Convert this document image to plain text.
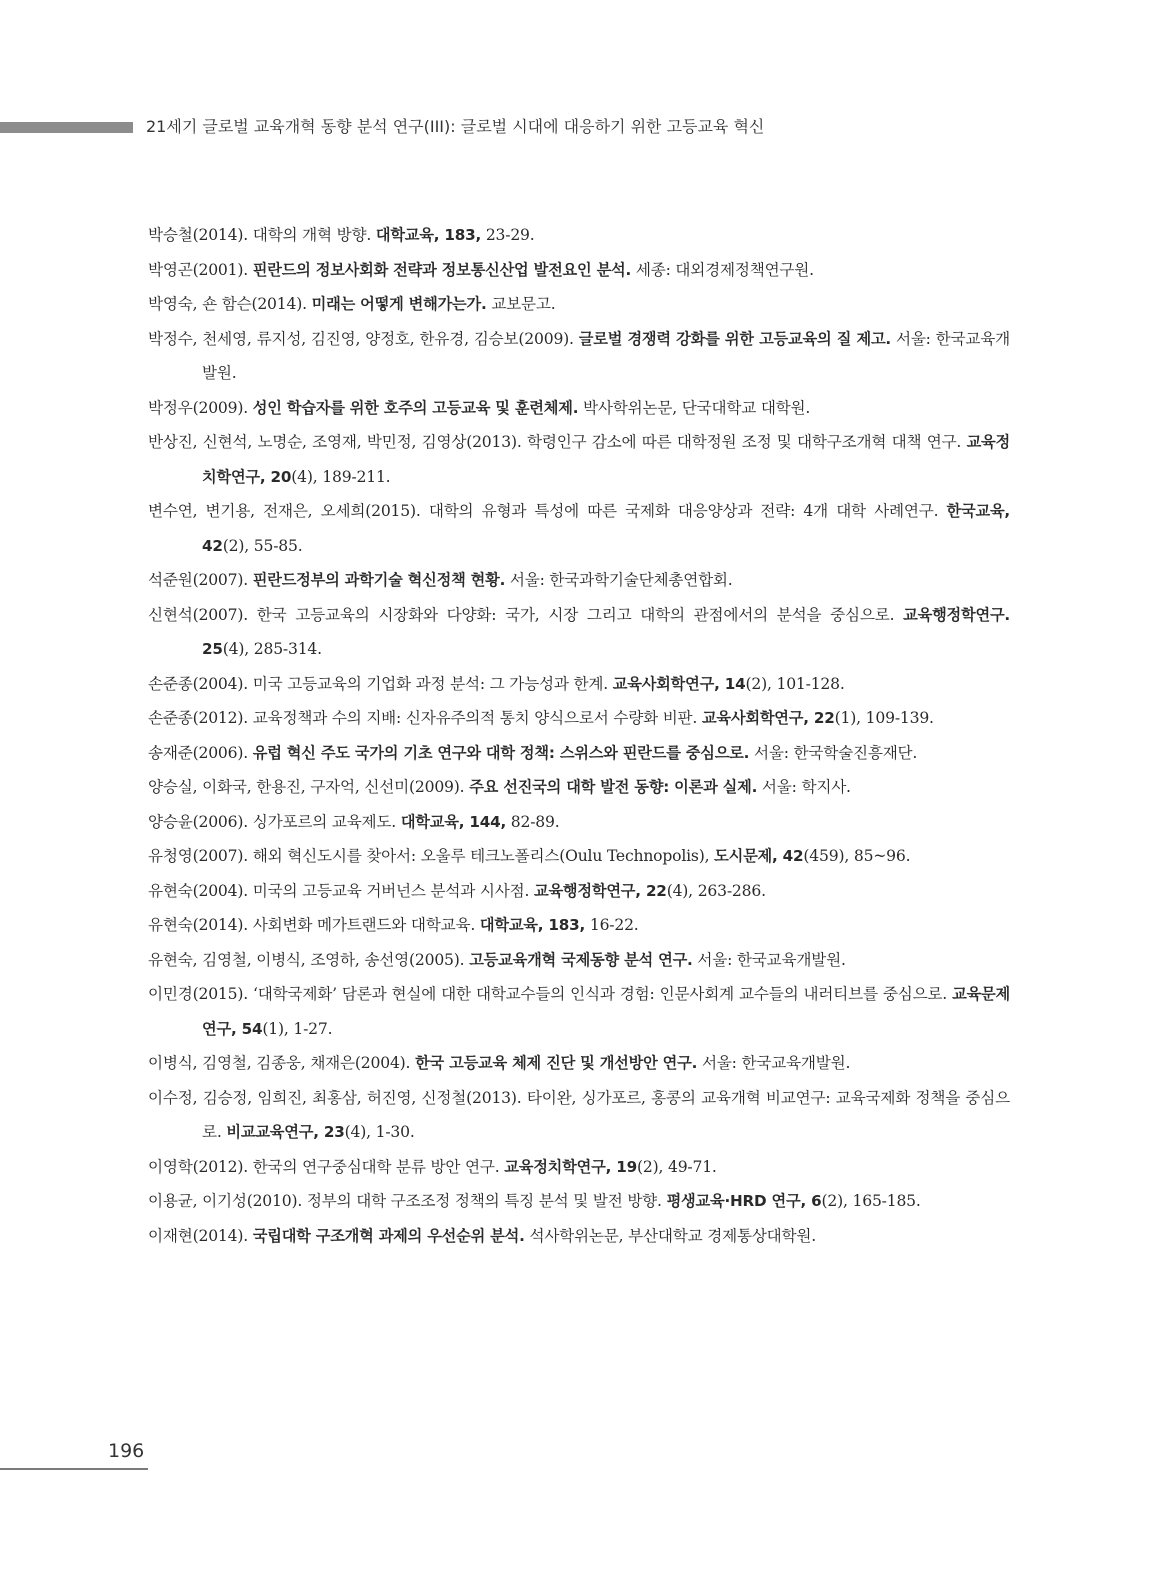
21세기 글로벌 교육개혁 동향 분석 연구(III): 글로벌 시대에 대응하기 위한 고등교육 혁신
박승철(2014). 대학의 개혁 방향. 대학교육, 183, 23-29.
박영곤(2001). 핀란드의 정보사회화 전략과 정보통신산업 발전요인 분석. 세종: 대외경제정책연구원.
박영숙, 숀 함슨(2014). 미래는 어떻게 변해가는가. 교보문고.
박정수, 천세영, 류지성, 김진영, 양정호, 한유경, 김승보(2009). 글로벌 경쟁력 강화를 위한 고등교육의 질 제고. 서울: 한국교육개발원.
박정우(2009). 성인 학습자를 위한 호주의 고등교육 및 훈련체제. 박사학위논문, 단국대학교 대학원.
반상진, 신현석, 노명순, 조영재, 박민정, 김영상(2013). 학령인구 감소에 따른 대학정원 조정 및 대학구조개혁 대책 연구. 교육정치학연구, 20(4), 189-211.
변수연, 변기용, 전재은, 오세희(2015). 대학의 유형과 특성에 따른 국제화 대응양상과 전략: 4개 대학 사례연구. 한국교육, 42(2), 55-85.
석준원(2007). 핀란드정부의 과학기술 혁신정책 현황. 서울: 한국과학기술단체총연합회.
신현석(2007). 한국 고등교육의 시장화와 다양화: 국가, 시장 그리고 대학의 관점에서의 분석을 중심으로. 교육행정학연구. 25(4), 285-314.
손준종(2004). 미국 고등교육의 기업화 과정 분석: 그 가능성과 한계. 교육사회학연구, 14(2), 101-128.
손준종(2012). 교육정책과 수의 지배: 신자유주의적 통치 양식으로서 수량화 비판. 교육사회학연구, 22(1), 109-139.
송재준(2006). 유럽 혁신 주도 국가의 기초 연구와 대학 정책: 스위스와 핀란드를 중심으로. 서울: 한국학술진흥재단.
양승실, 이화국, 한용진, 구자억, 신선미(2009). 주요 선진국의 대학 발전 동향: 이론과 실제. 서울: 학지사.
양승윤(2006). 싱가포르의 교육제도. 대학교육, 144, 82-89.
유청영(2007). 해외 혁신도시를 찾아서: 오울루 테크노폴리스(Oulu Technopolis), 도시문제, 42(459), 85~96.
유현숙(2004). 미국의 고등교육 거버넌스 분석과 시사점. 교육행정학연구, 22(4), 263-286.
유현숙(2014). 사회변화 메가트랜드와 대학교육. 대학교육, 183, 16-22.
유현숙, 김영철, 이병식, 조영하, 송선영(2005). 고등교육개혁 국제동향 분석 연구. 서울: 한국교육개발원.
이민경(2015). ‘대학국제화’ 담론과 현실에 대한 대학교수들의 인식과 경험: 인문사회계 교수들의 내러티브를 중심으로. 교육문제연구, 54(1), 1-27.
이병식, 김영철, 김종웅, 채재은(2004). 한국 고등교육 체제 진단 및 개선방안 연구. 서울: 한국교육개발원.
이수정, 김승정, 임희진, 최홍삼, 허진영, 신정철(2013). 타이완, 싱가포르, 홍콩의 교육개혁 비교연구: 교육국제화 정책을 중심으로. 비교교육연구, 23(4), 1-30.
이영학(2012). 한국의 연구중심대학 분류 방안 연구. 교육정치학연구, 19(2), 49-71.
이용균, 이기성(2010). 정부의 대학 구조조정 정책의 특징 분석 및 발전 방향. 평생교육·HRD 연구, 6(2), 165-185.
이재현(2014). 국립대학 구조개혁 과제의 우선순위 분석. 석사학위논문, 부산대학교 경제통상대학원.
196
